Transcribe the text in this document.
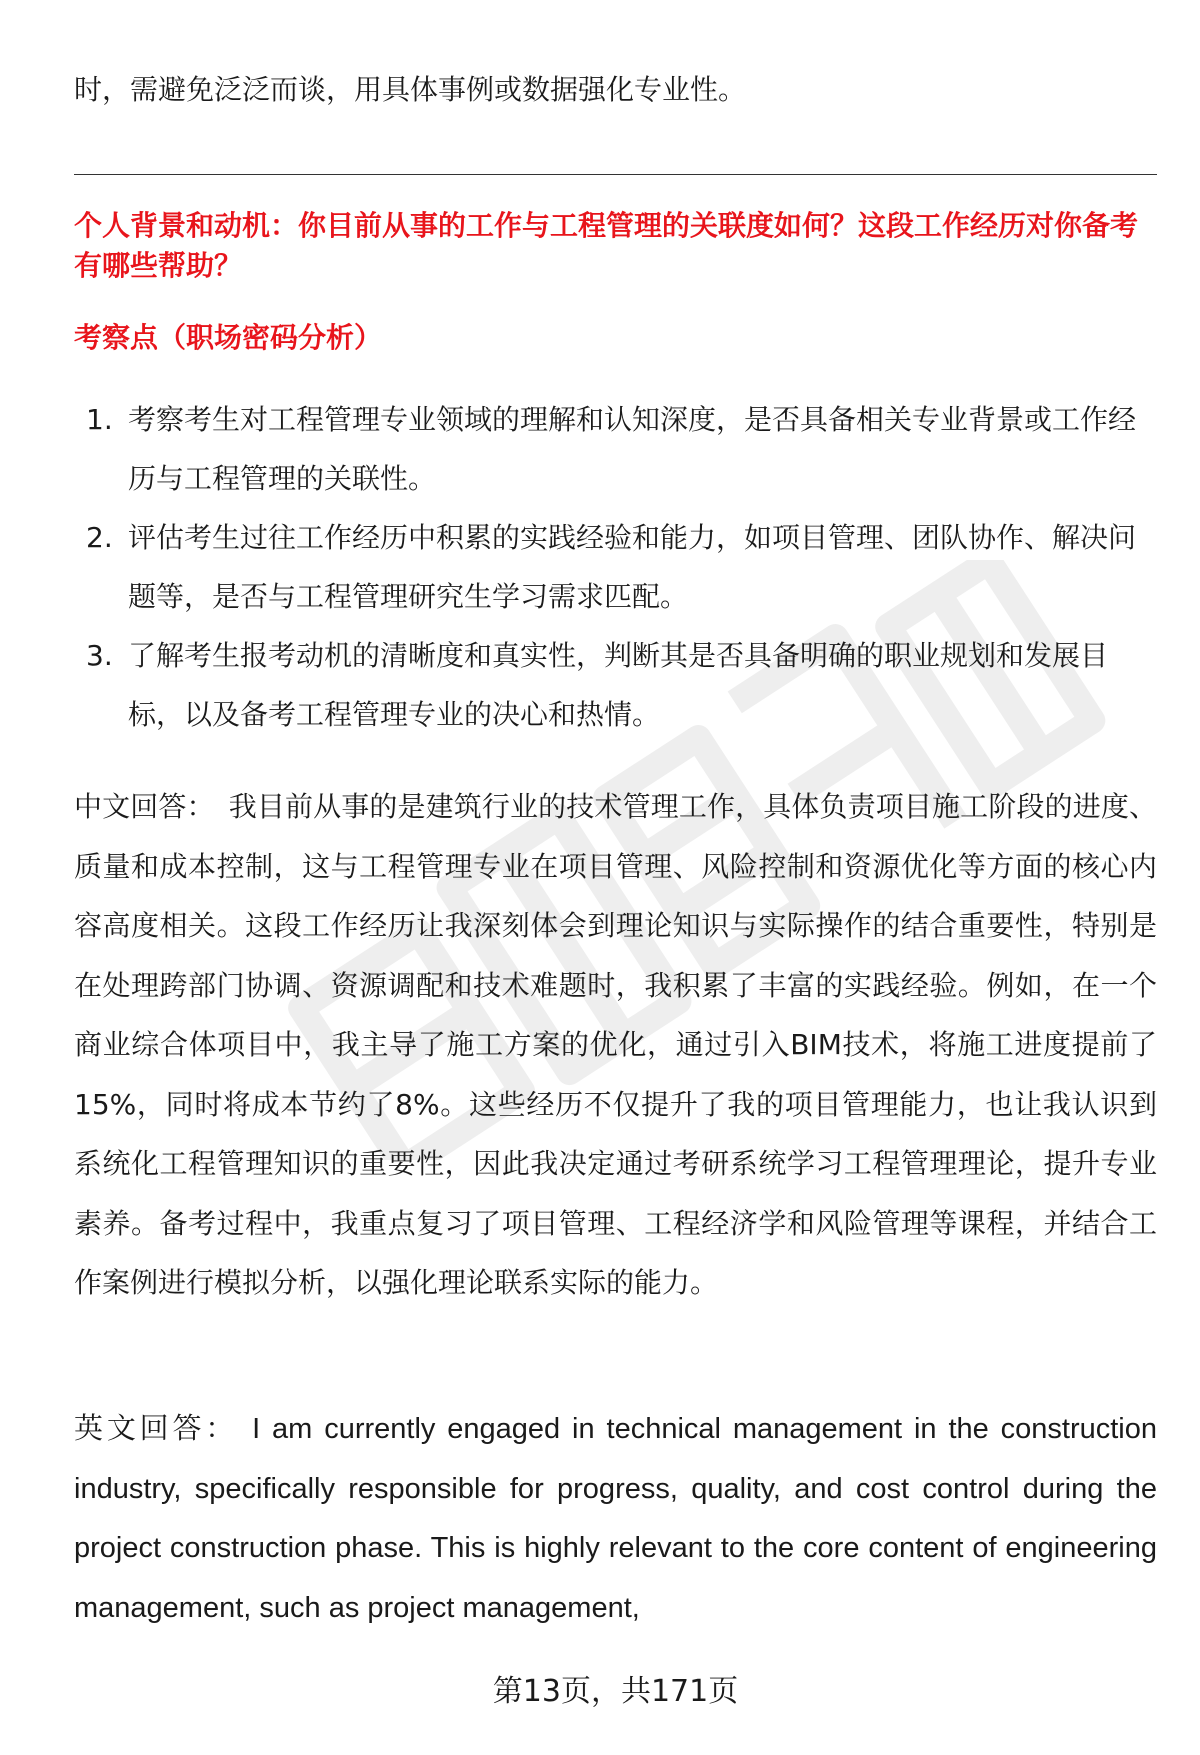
时，需避免泛泛而谈，用具体事例或数据强化专业性。

个人背景和动机：你目前从事的工作与工程管理的关联度如何？这段工作经历对你备考有哪些帮助？

考察点（职场密码分析）

1. 考察考生对工程管理专业领域的理解和认知深度，是否具备相关专业背景或工作经历与工程管理的关联性。
2. 评估考生过往工作经历中积累的实践经验和能力，如项目管理、团队协作、解决问题等，是否与工程管理研究生学习需求匹配。
3. 了解考生报考动机的清晰度和真实性，判断其是否具备明确的职业规划和发展目标，以及备考工程管理专业的决心和热情。

中文回答： 我目前从事的是建筑行业的技术管理工作，具体负责项目施工阶段的进度、质量和成本控制，这与工程管理专业在项目管理、风险控制和资源优化等方面的核心内容高度相关。这段工作经历让我深刻体会到理论知识与实际操作的结合重要性，特别是在处理跨部门协调、资源调配和技术难题时，我积累了丰富的实践经验。例如，在一个商业综合体项目中，我主导了施工方案的优化，通过引入BIM技术，将施工进度提前了15%，同时将成本节约了8%。这些经历不仅提升了我的项目管理能力，也让我认识到系统化工程管理知识的重要性，因此我决定通过考研系统学习工程管理理论，提升专业素养。备考过程中，我重点复习了项目管理、工程经济学和风险管理等课程，并结合工作案例进行模拟分析，以强化理论联系实际的能力。

英文回答： I am currently engaged in technical management in the construction industry, specifically responsible for progress, quality, and cost control during the project construction phase. This is highly relevant to the core content of engineering management, such as project management,

第13页，共171页
